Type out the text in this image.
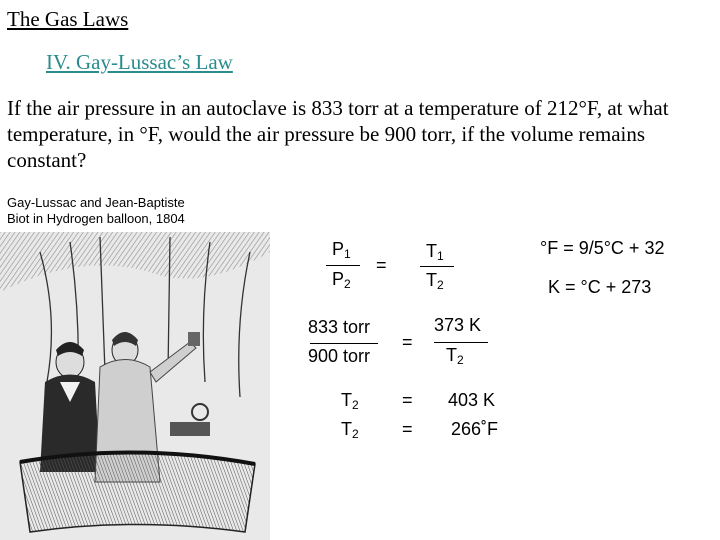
The Gas Laws
IV. Gay-Lussac’s Law
If the air pressure in an autoclave is 833 torr at a temperature of 212°F, at what temperature, in °F, would the air pressure be 900 torr, if the volume remains constant?
Gay-Lussac and Jean-Baptiste
Biot in Hydrogen balloon, 1804
$P_1$
$P_2$
=
$T_1$
$T_2$
°F = 9/5°C + 32
K = °C + 273
833 torr
900 torr
=
373 K
$T_2$
$T_2 = 403$ K
$T_2$ = 266˚F
